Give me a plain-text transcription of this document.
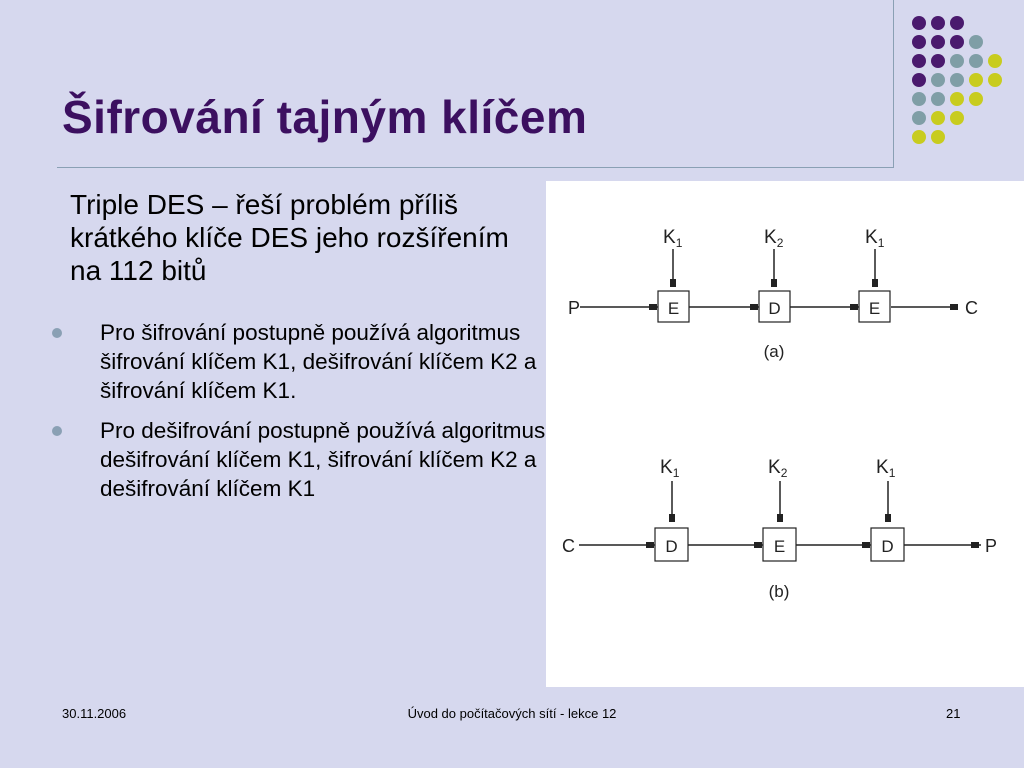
Šifrování tajným klíčem
Triple DES – řeší problém příliš krátkého klíče DES jeho rozšířením na 112 bitů
Pro šifrování postupně používá algoritmus šifrování klíčem K1, dešifrování klíčem K2 a šifrování klíčem K1.
Pro dešifrování postupně používá algoritmus dešifrování klíčem K1, šifrování klíčem K2 a dešifrování klíčem K1
E	D	E
$K_1$	$K_2$	$K_1$
P	C
(a)
D	E	D
$K_1$	$K_2$	$K_1$
C	P
(b)
30.11.2006	Úvod do počítačových sítí - lekce 12	21
